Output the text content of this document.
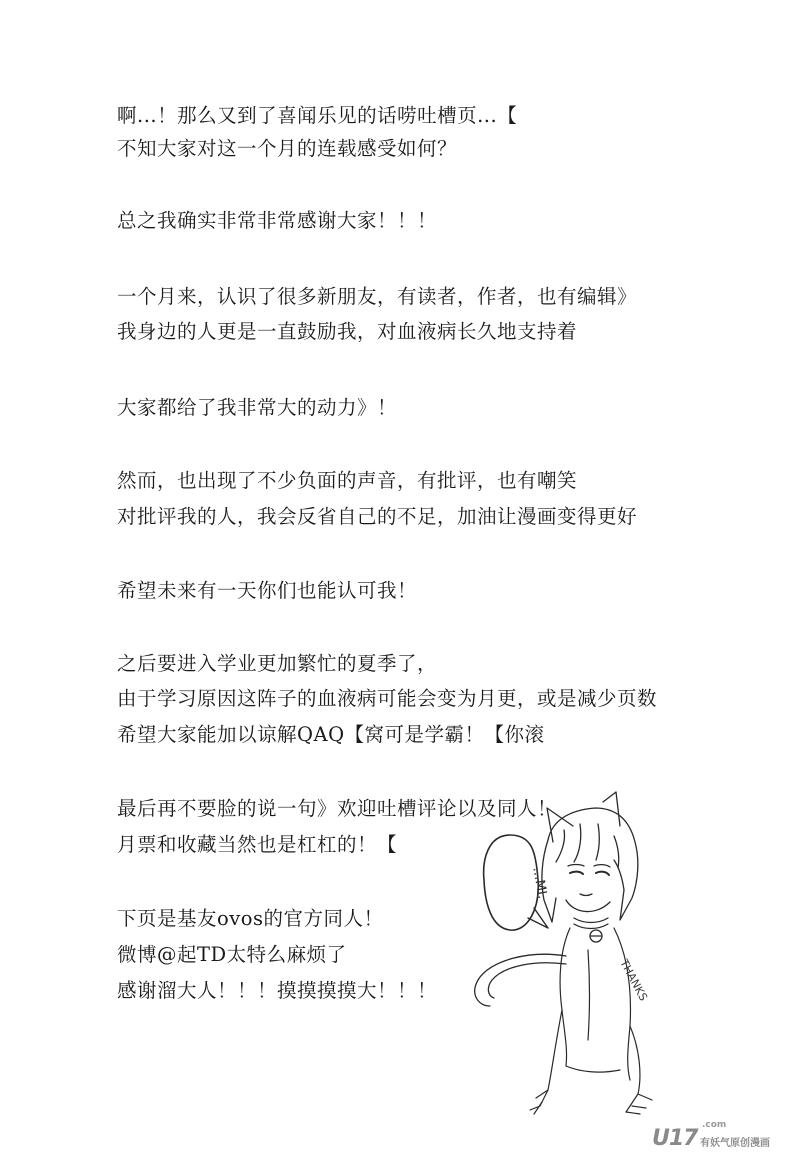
啊...！那么又到了喜闻乐见的话唠吐槽页...【

不知大家对这一个月的连载感受如何？

总之我确实非常非常感谢大家！！！

一个月来，认识了很多新朋友，有读者，作者，也有编辑》

我身边的人更是一直鼓励我，对血液病长久地支持着

大家都给了我非常大的动力》！

然而，也出现了不少负面的声音，有批评，也有嘲笑

对批评我的人，我会反省自己的不足，加油让漫画变得更好

希望未来有一天你们也能认可我！

之后要进入学业更加繁忙的夏季了，

由于学习原因这阵子的血液病可能会变为月更，或是减少页数

希望大家能加以谅解QAQ【窝可是学霸！【你滚

最后再不要脸的说一句》欢迎吐槽评论以及同人！

月票和收藏当然也是杠杠的！【

下页是基友ovos的官方同人！

微博@起TD太特么麻烦了

感谢溜大人！！！摸摸摸摸大！！！

…MI.
THANKS
U17
.com
有妖气原创漫画
